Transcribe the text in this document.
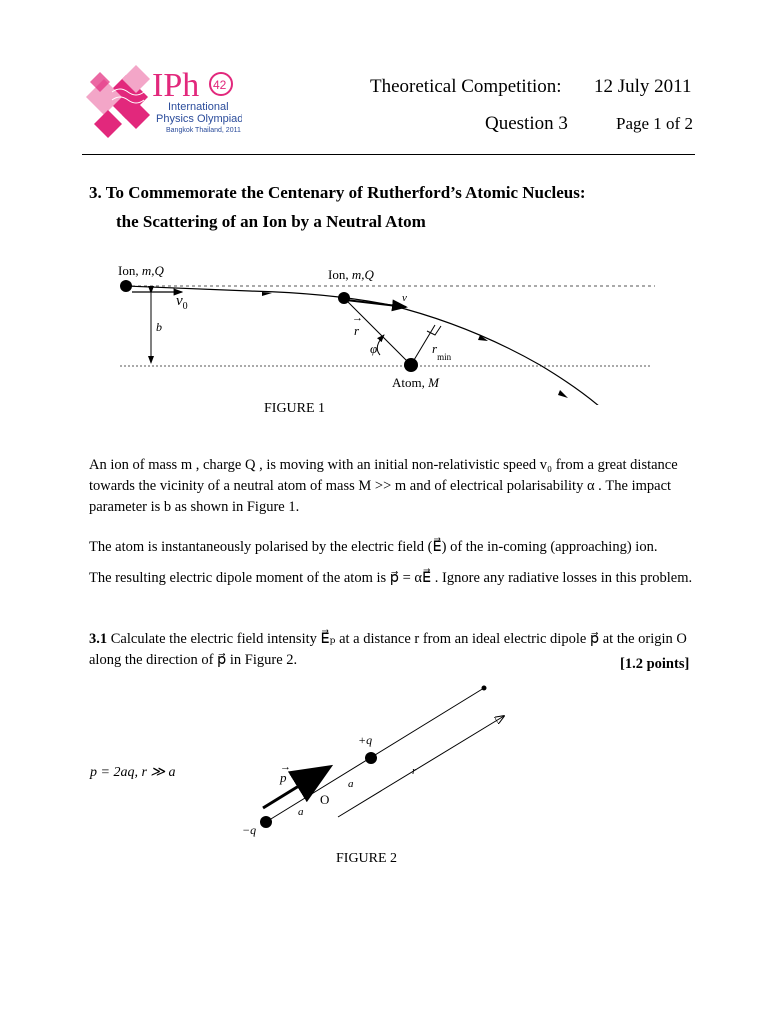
IPh 42
International
Physics Olympiad
Bangkok Thailand, 2011
Theoretical Competition: 12 July 2011
Question 3	Page 1 of 2
3. To Commemorate the Centenary of Rutherford’s Atomic Nucleus:
the Scattering of an Ion by a Neutral Atom
Ion, m,Q	Ion, m,Q
$v_0$
b
v
r
→
φ	$r_{min}$
Atom, M
FIGURE 1
An ion of mass m , charge Q , is moving with an initial non-relativistic speed v₀ from a great distance towards the vicinity of a neutral atom of mass M >> m and of electrical polarisability α . The impact parameter is b as shown in Figure 1.
The atom is instantaneously polarised by the electric field (E⃗) of the in-coming (approaching) ion.
The resulting electric dipole moment of the atom is p⃗ = αE⃗ . Ignore any radiative losses in this problem.
3.1 Calculate the electric field intensity E⃗ₚ at a distance r from an ideal electric dipole p⃗ at the origin O along the direction of p⃗ in Figure 2.	[1.2 points]
p = 2aq, r ≫ a
+q
−q
p
→
O
a
a
r
FIGURE 2
